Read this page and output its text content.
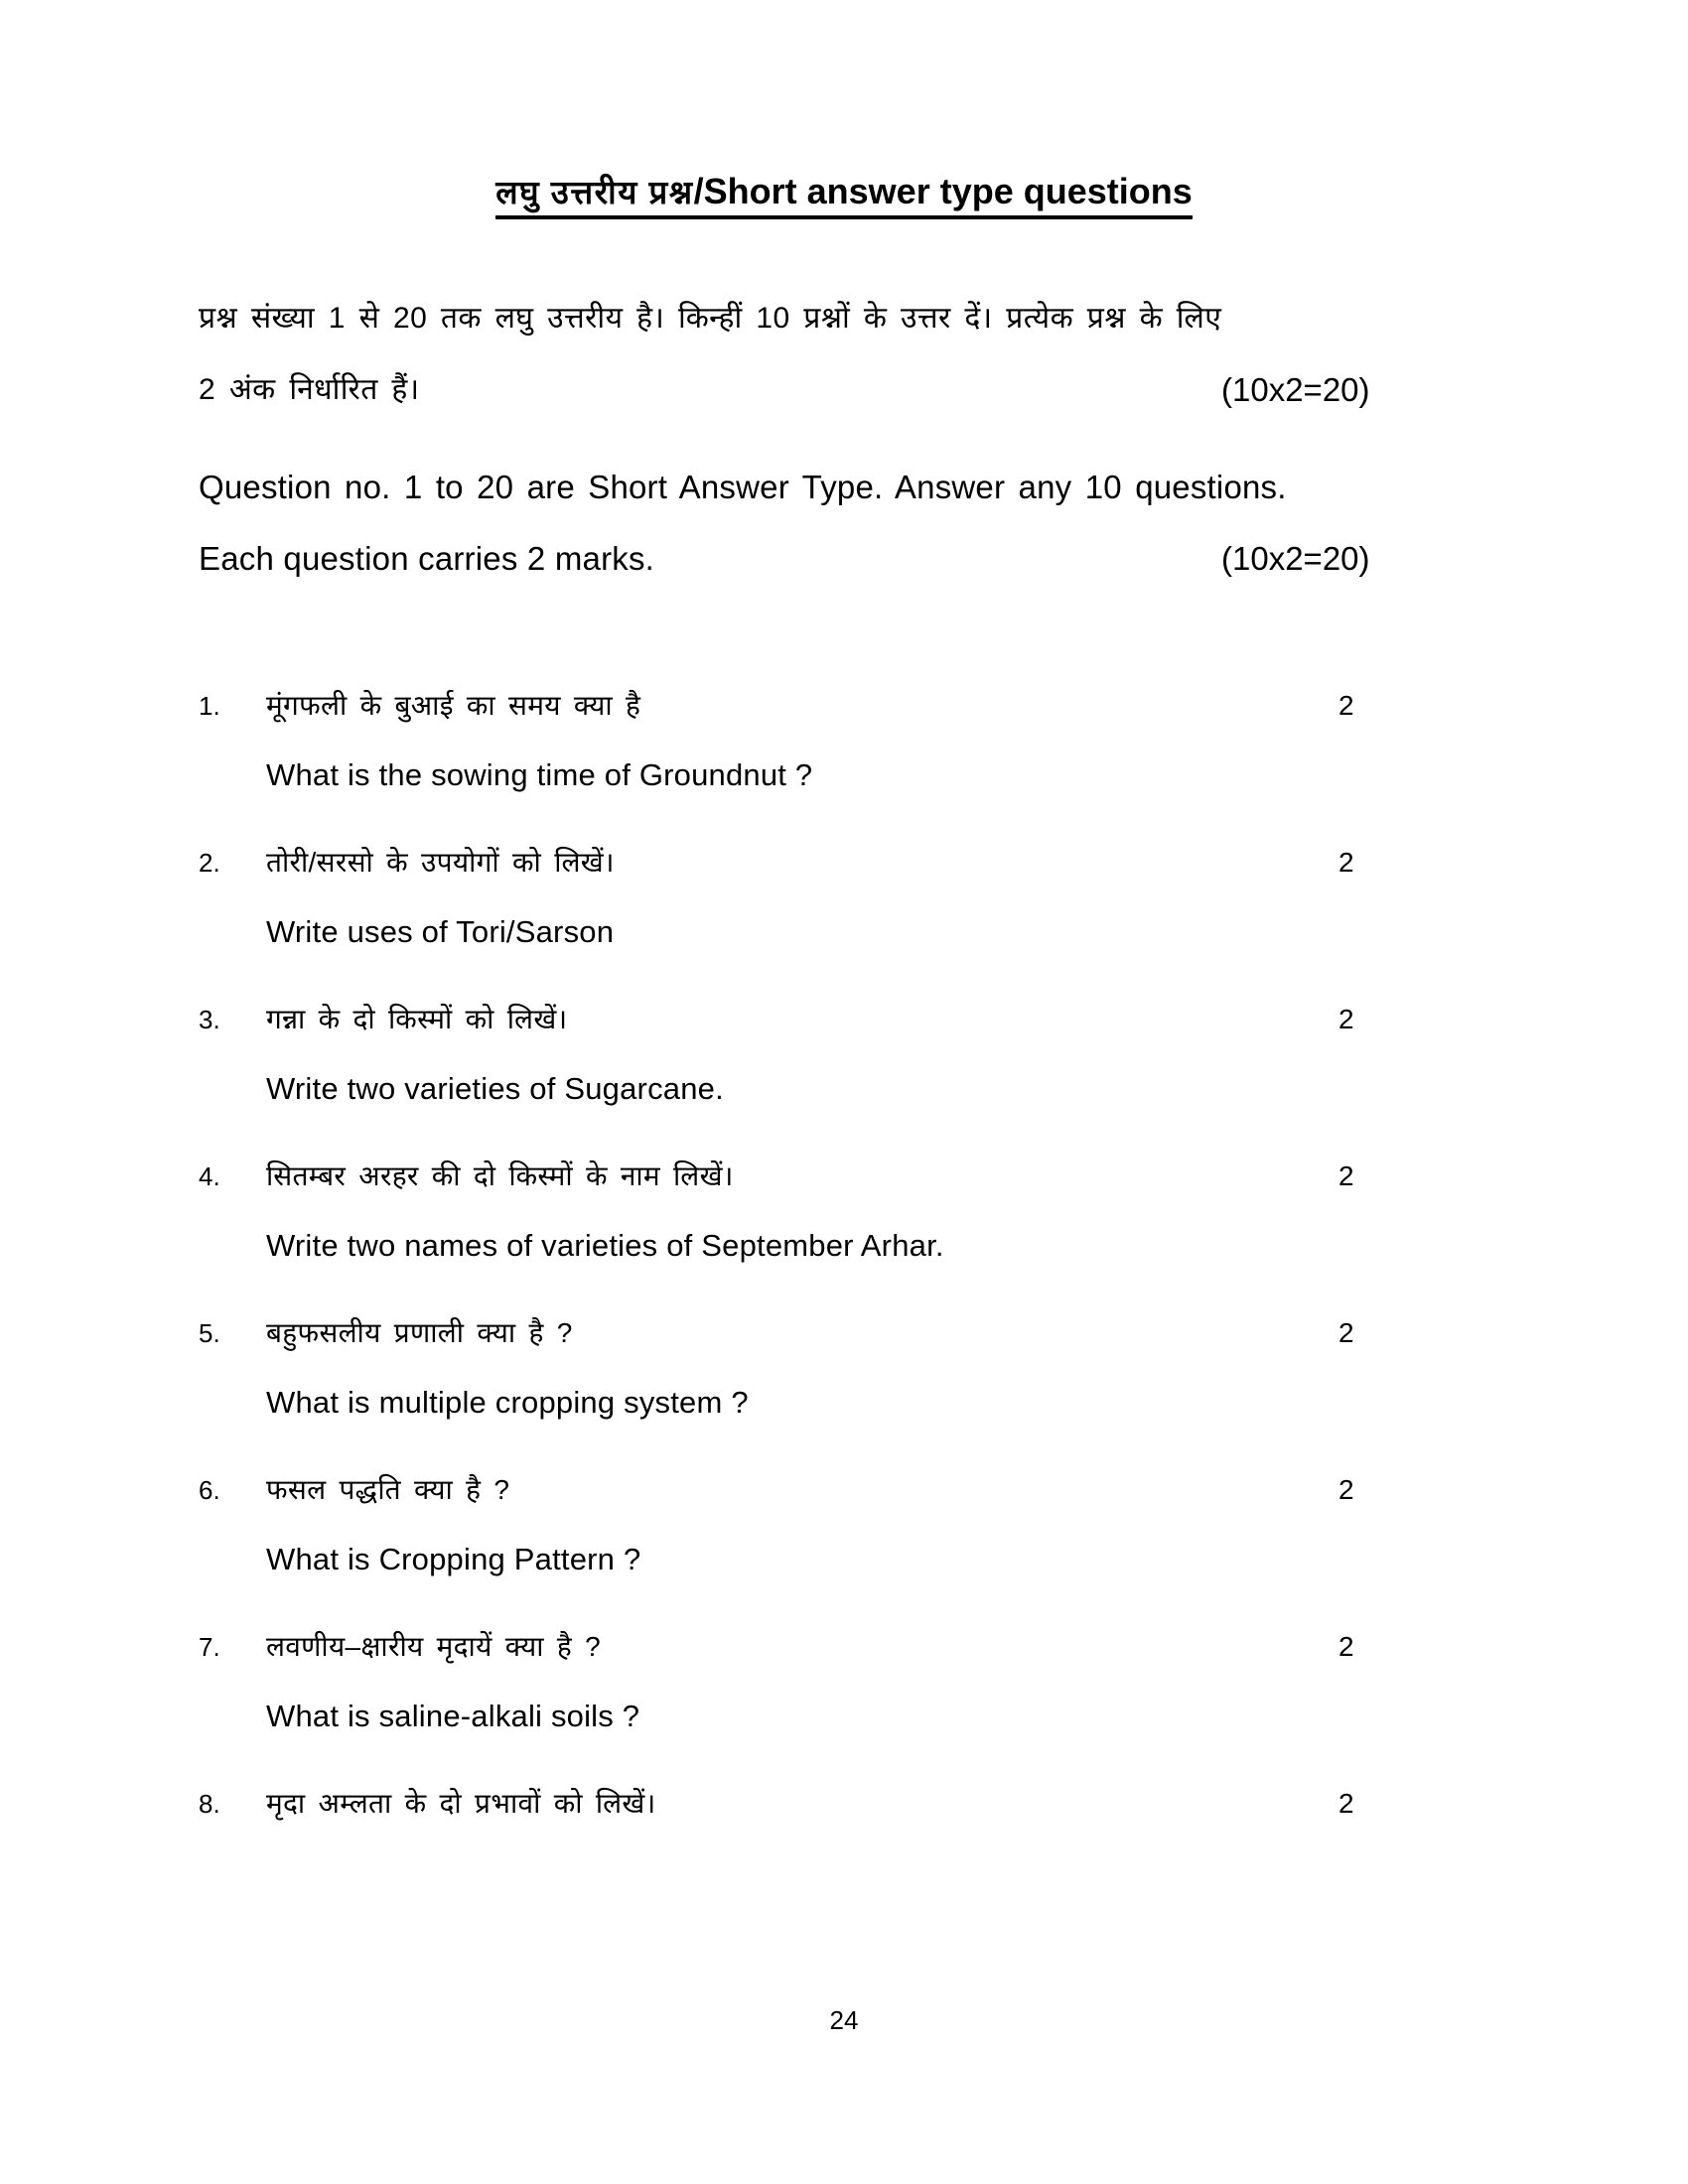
लघु उत्तरीय प्रश्न/Short answer type questions
प्रश्न संख्या 1 से 20 तक लघु उत्तरीय है। किन्हीं 10 प्रश्नों के उत्तर दें। प्रत्येक प्रश्न के लिए
2 अंक निर्धारित हैं।	(10x2=20)
Question no. 1 to 20 are Short Answer Type. Answer any 10 questions.
Each question carries 2 marks.	(10x2=20)
1.	मूंगफली के बुआई का समय क्या है	2
What is the sowing time of Groundnut ?
2.	तोरी/सरसो के उपयोगों को लिखें।	2
Write uses of Tori/Sarson
3.	गन्ना के दो किस्मों को लिखें।	2
Write two varieties of Sugarcane.
4.	सितम्बर अरहर की दो किस्मों के नाम लिखें।	2
Write two names of varieties of September Arhar.
5.	बहुफसलीय प्रणाली क्या है ?	2
What is multiple cropping system ?
6.	फसल पद्धति क्या है ?	2
What is Cropping Pattern ?
7.	लवणीय–क्षारीय मृदायें क्या है ?	2
What is saline-alkali soils ?
8.	मृदा अम्लता के दो प्रभावों को लिखें।	2
24
